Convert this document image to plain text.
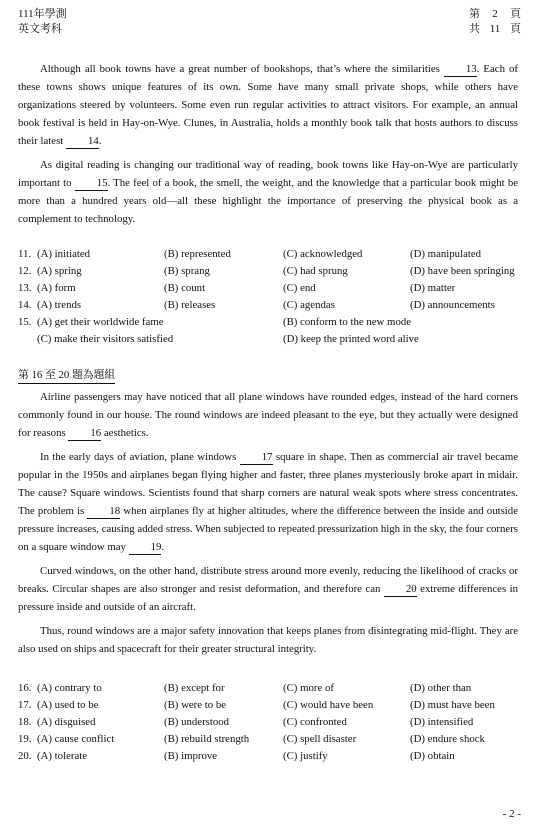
111年學測
英文考科
第 2 頁
共 11 頁

Although all book towns have a great number of bookshops, that’s where the similarities 13. Each of these towns shows unique features of its own. Some have many small private shops, while others have organizations steered by volunteers. Some even run regular activities to attract visitors. For example, an annual book festival is held in Hay-on-Wye. Clunes, in Australia, holds a monthly book talk that hosts authors to discuss their latest 14.

As digital reading is changing our traditional way of reading, book towns like Hay-on-Wye are particularly important to 15. The feel of a book, the smell, the weight, and the knowledge that a particular book might be more than a hundred years old—all these highlight the importance of preserving the physical book as a complement to technology.

11. (A) initiated	(B) represented	(C) acknowledged	(D) manipulated
12. (A) spring	(B) sprang	(C) had sprung	(D) have been springing
13. (A) form	(B) count	(C) end	(D) matter
14. (A) trends	(B) releases	(C) agendas	(D) announcements
15. (A) get their worldwide fame	(B) conform to the new mode
(C) make their visitors satisfied	(D) keep the printed word alive
第 16 至 20 題為題組

Airline passengers may have noticed that all plane windows have rounded edges, instead of the hard corners commonly found in our house. The round windows are indeed pleasant to the eye, but they actually were designed for reasons 16 aesthetics.

In the early days of aviation, plane windows 17 square in shape. Then as commercial air travel became popular in the 1950s and airplanes began flying higher and faster, three planes mysteriously broke apart in midair. The cause? Square windows. Scientists found that sharp corners are natural weak spots where stress concentrates. The problem is 18 when airplanes fly at higher altitudes, where the difference between the inside and outside pressure increases, causing added stress. When subjected to repeated pressurization high in the sky, the four corners on a square window may 19.

Curved windows, on the other hand, distribute stress around more evenly, reducing the likelihood of cracks or breaks. Circular shapes are also stronger and resist deformation, and therefore can 20 extreme differences in pressure inside and outside of an aircraft.

Thus, round windows are a major safety innovation that keeps planes from disintegrating mid-flight. They are also used on ships and spacecraft for their greater structural integrity.

16. (A) contrary to	(B) except for	(C) more of	(D) other than
17. (A) used to be	(B) were to be	(C) would have been	(D) must have been
18. (A) disguised	(B) understood	(C) confronted	(D) intensified
19. (A) cause conflict	(B) rebuild strength	(C) spell disaster	(D) endure shock
20. (A) tolerate	(B) improve	(C) justify	(D) obtain
- 2 -
